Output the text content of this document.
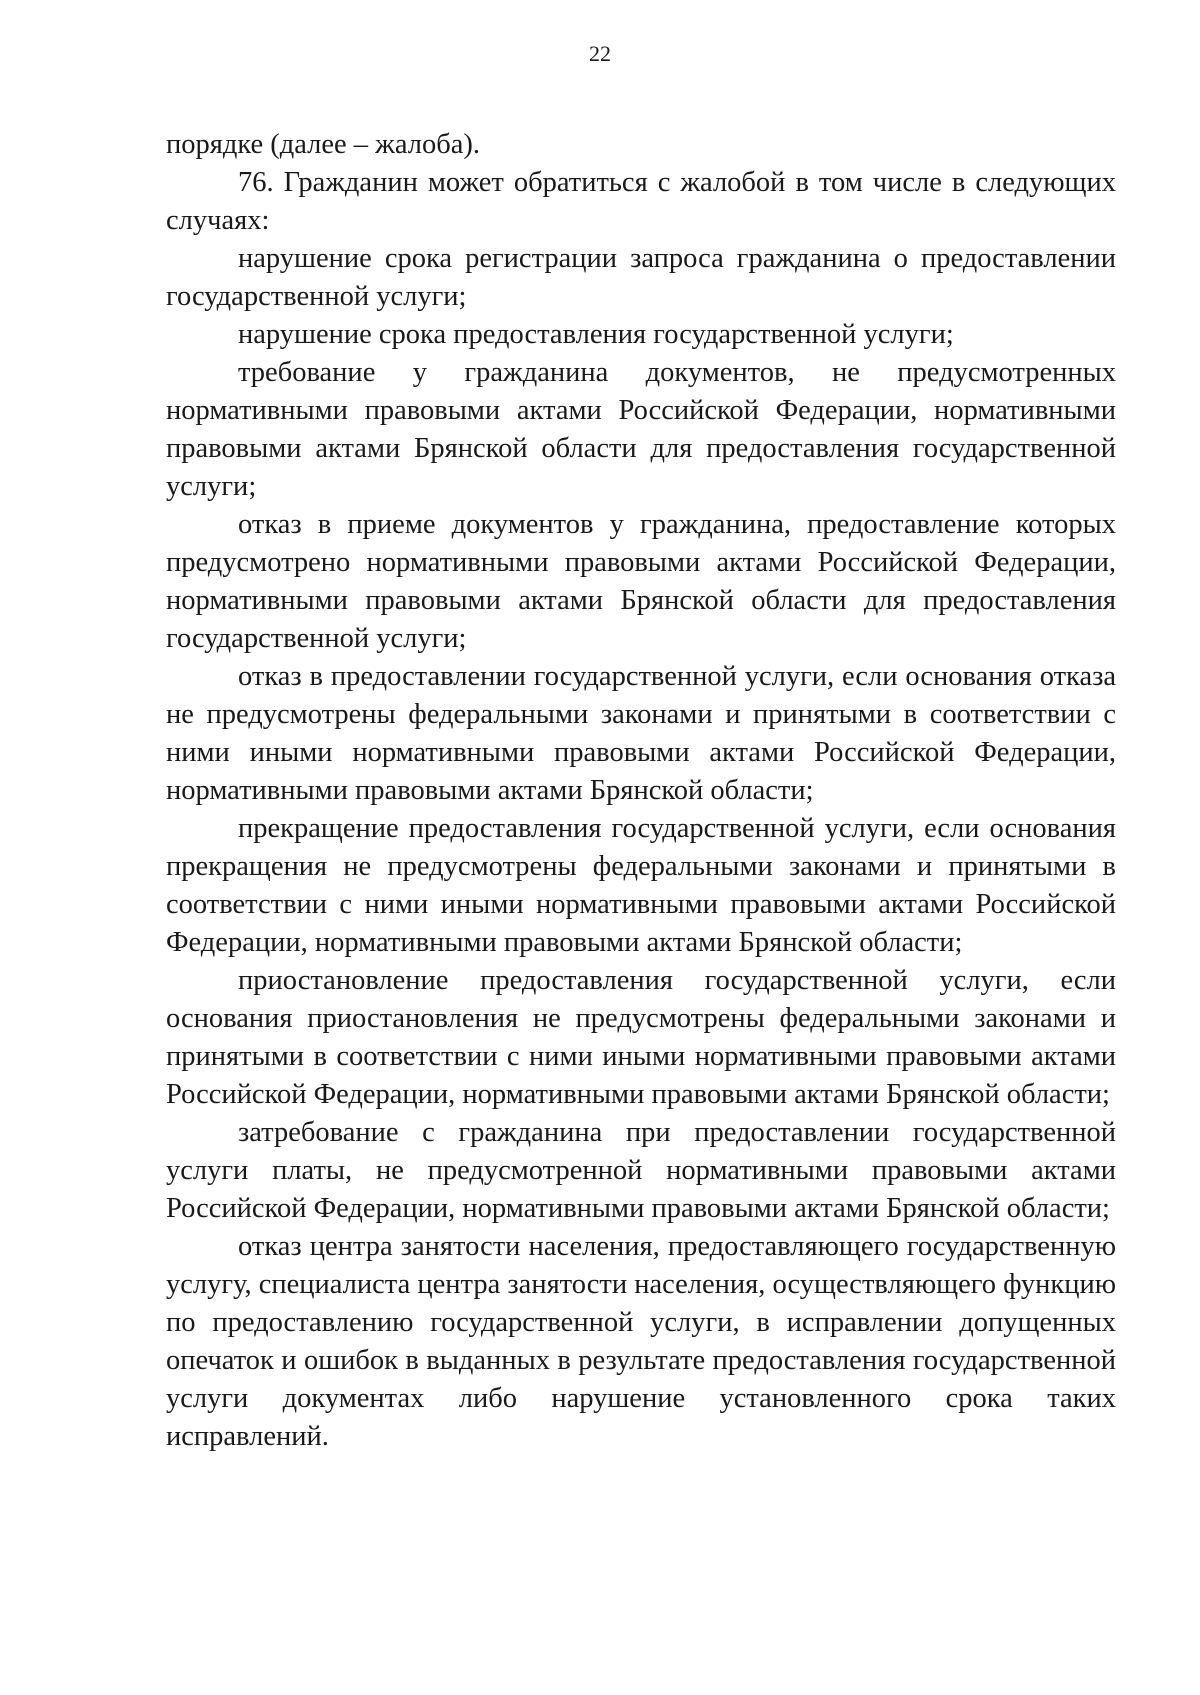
22

порядке (далее – жалоба).

76. Гражданин может обратиться с жалобой в том числе в следующих случаях:

нарушение срока регистрации запроса гражданина о предоставлении государственной услуги;

нарушение срока предоставления государственной услуги;

требование у гражданина документов, не предусмотренных нормативными правовыми актами Российской Федерации, нормативными правовыми актами Брянской области для предоставления государственной услуги;

отказ в приеме документов у гражданина, предоставление которых предусмотрено нормативными правовыми актами Российской Федерации, нормативными правовыми актами Брянской области для предоставления государственной услуги;

отказ в предоставлении государственной услуги, если основания отказа не предусмотрены федеральными законами и принятыми в соответствии с ними иными нормативными правовыми актами Российской Федерации, нормативными правовыми актами Брянской области;

прекращение предоставления государственной услуги, если основания прекращения не предусмотрены федеральными законами и принятыми в соответствии с ними иными нормативными правовыми актами Российской Федерации, нормативными правовыми актами Брянской области;

приостановление предоставления государственной услуги, если основания приостановления не предусмотрены федеральными законами и принятыми в соответствии с ними иными нормативными правовыми актами Российской Федерации, нормативными правовыми актами Брянской области;

затребование с гражданина при предоставлении государственной услуги платы, не предусмотренной нормативными правовыми актами Российской Федерации, нормативными правовыми актами Брянской области;

отказ центра занятости населения, предоставляющего государственную услугу, специалиста центра занятости населения, осуществляющего функцию по предоставлению государственной услуги, в исправлении допущенных опечаток и ошибок в выданных в результате предоставления государственной услуги документах либо нарушение установленного срока таких исправлений.
